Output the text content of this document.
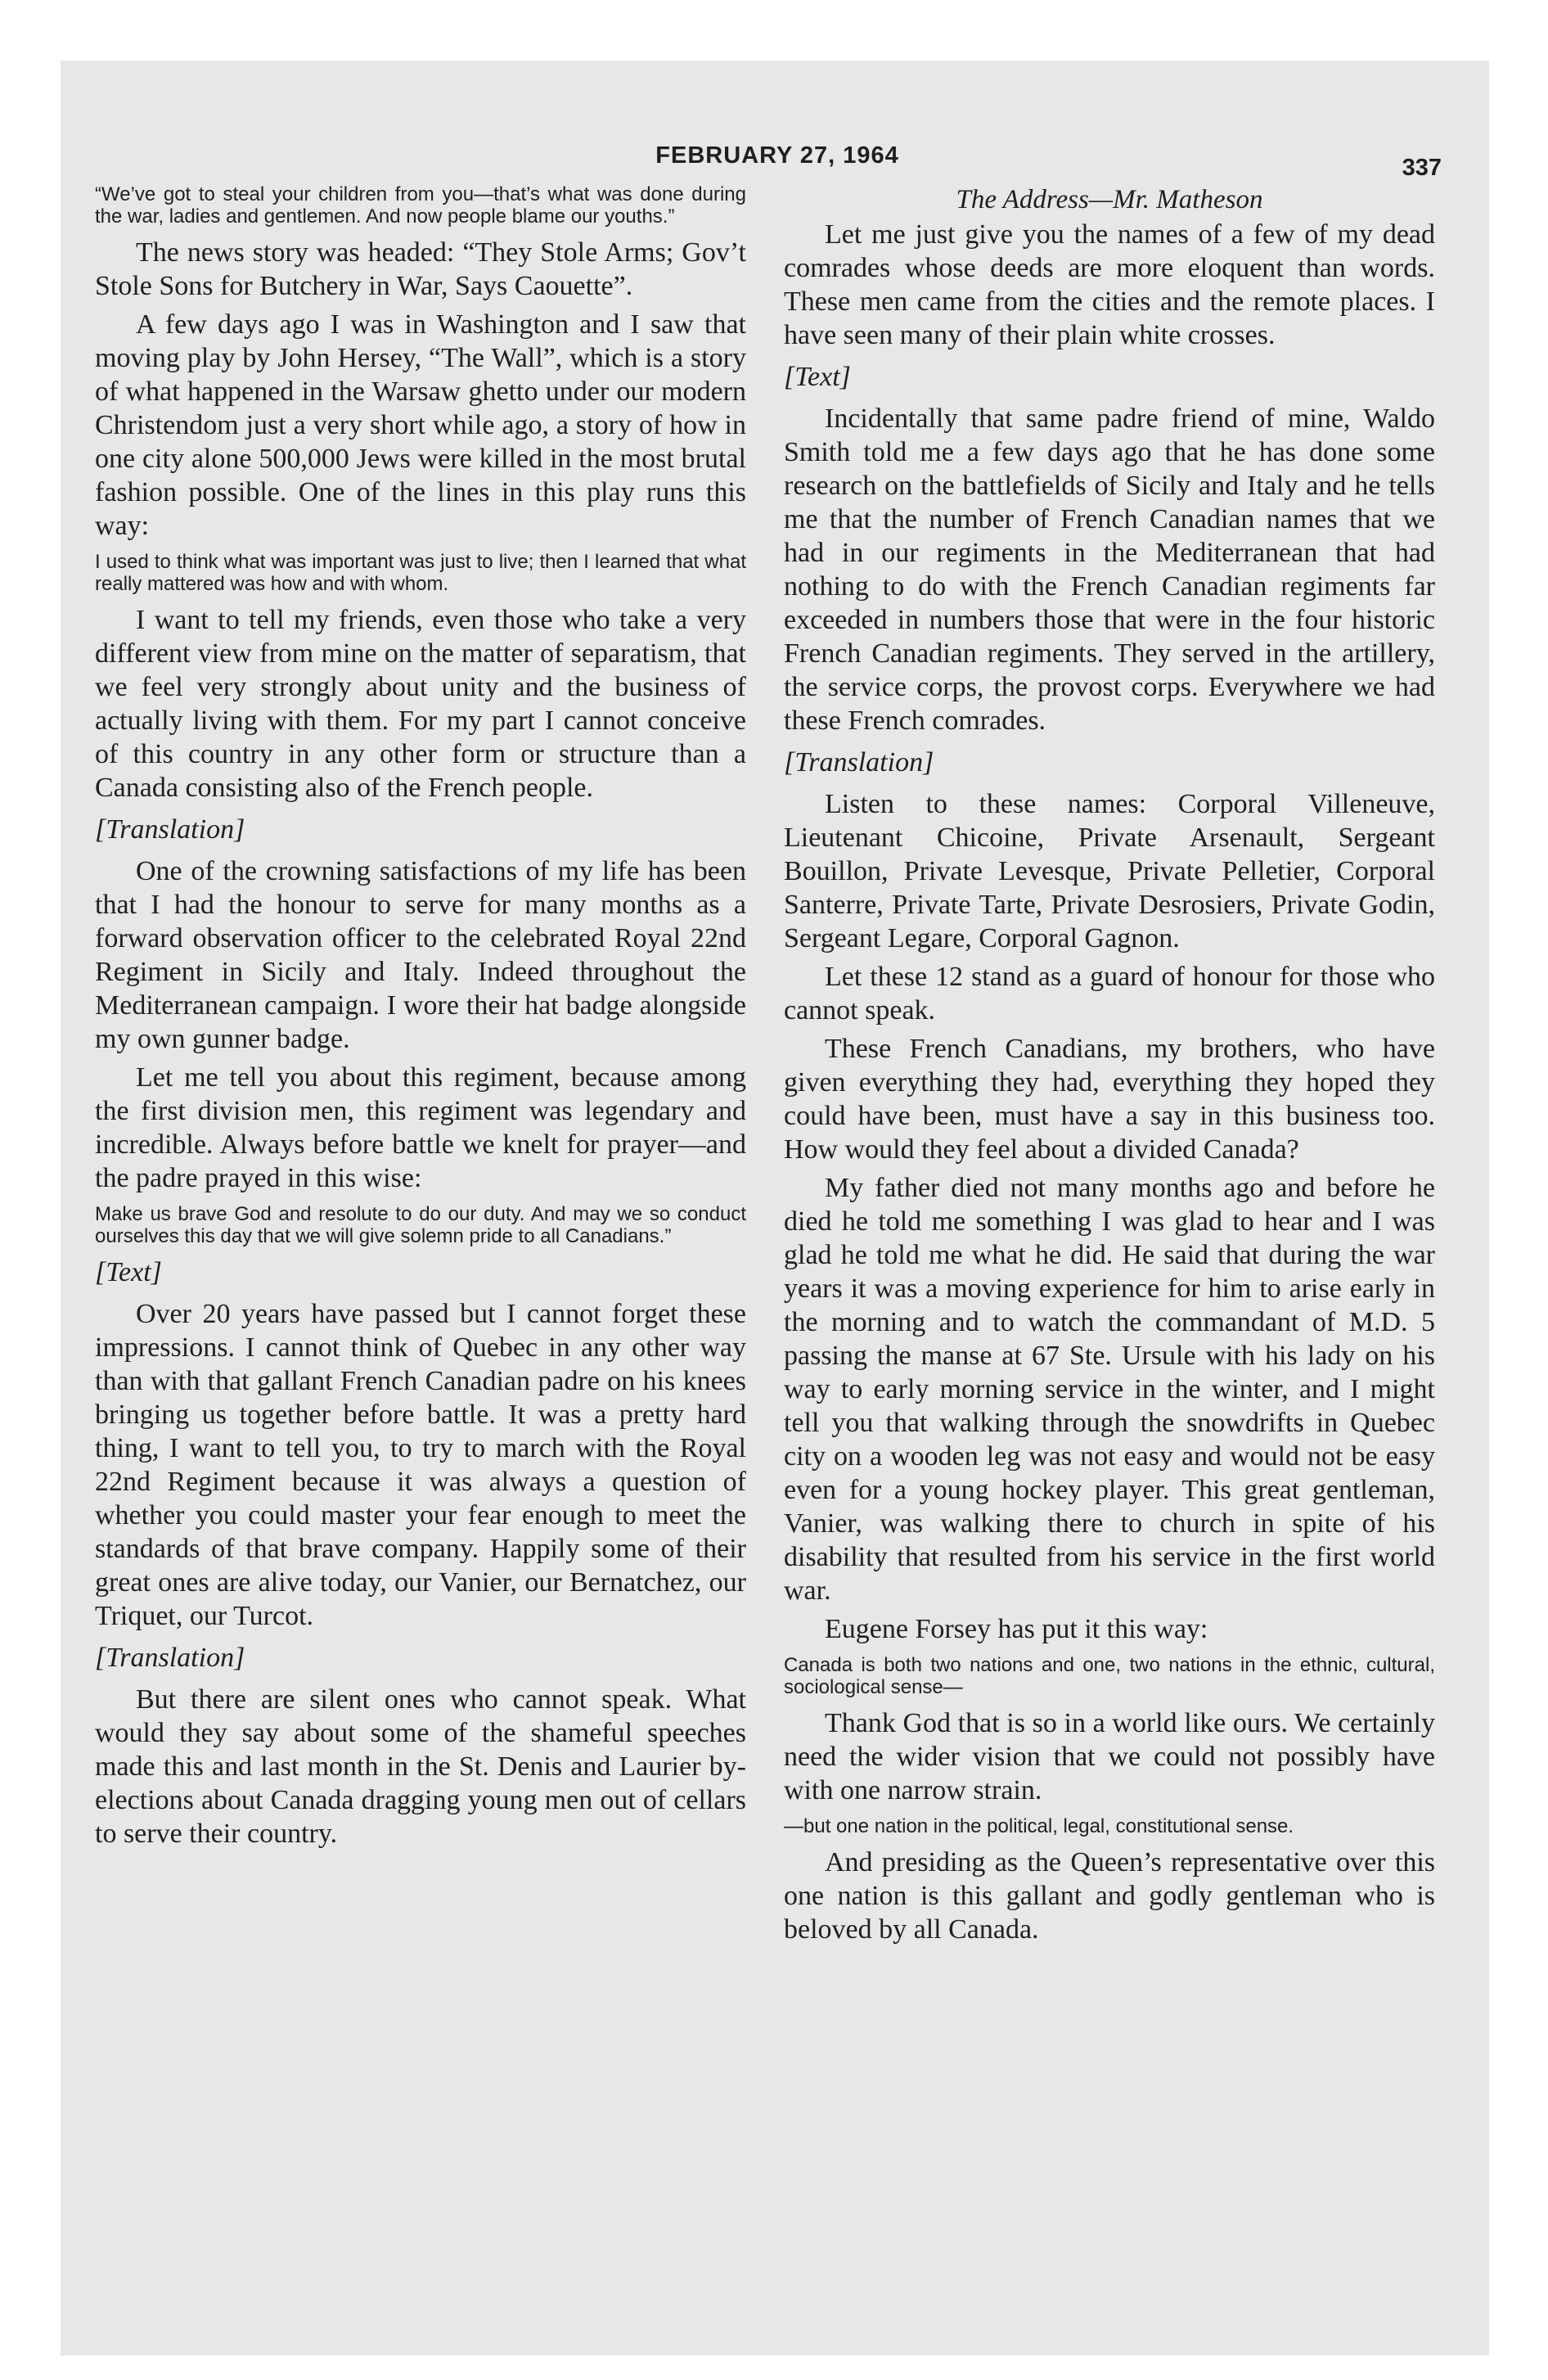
FEBRUARY 27, 1964	337

“We’ve got to steal your children from you—that’s what was done during the war, ladies and gentlemen. And now people blame our youths.”

The news story was headed: “They Stole Arms; Gov’t Stole Sons for Butchery in War, Says Caouette”.

A few days ago I was in Washington and I saw that moving play by John Hersey, “The Wall”, which is a story of what happened in the Warsaw ghetto under our modern Christendom just a very short while ago, a story of how in one city alone 500,000 Jews were killed in the most brutal fashion possible. One of the lines in this play runs this way:

I used to think what was important was just to live; then I learned that what really mattered was how and with whom.

I want to tell my friends, even those who take a very different view from mine on the matter of separatism, that we feel very strongly about unity and the business of actually living with them. For my part I cannot conceive of this country in any other form or structure than a Canada consisting also of the French people.

[Translation]

One of the crowning satisfactions of my life has been that I had the honour to serve for many months as a forward observation officer to the celebrated Royal 22nd Regiment in Sicily and Italy. Indeed throughout the Mediterranean campaign. I wore their hat badge alongside my own gunner badge.

Let me tell you about this regiment, because among the first division men, this regiment was legendary and incredible. Always before battle we knelt for prayer—and the padre prayed in this wise:

Make us brave God and resolute to do our duty. And may we so conduct ourselves this day that we will give solemn pride to all Canadians.”

[Text]

Over 20 years have passed but I cannot forget these impressions. I cannot think of Quebec in any other way than with that gallant French Canadian padre on his knees bringing us together before battle. It was a pretty hard thing, I want to tell you, to try to march with the Royal 22nd Regiment because it was always a question of whether you could master your fear enough to meet the standards of that brave company. Happily some of their great ones are alive today, our Vanier, our Bernatchez, our Triquet, our Turcot.

[Translation]

But there are silent ones who cannot speak. What would they say about some of the shameful speeches made this and last month in the St. Denis and Laurier by-elections about Canada dragging young men out of cellars to serve their country.

The Address—Mr. Matheson

Let me just give you the names of a few of my dead comrades whose deeds are more eloquent than words. These men came from the cities and the remote places. I have seen many of their plain white crosses.

[Text]

Incidentally that same padre friend of mine, Waldo Smith told me a few days ago that he has done some research on the battlefields of Sicily and Italy and he tells me that the number of French Canadian names that we had in our regiments in the Mediterranean that had nothing to do with the French Canadian regiments far exceeded in numbers those that were in the four historic French Canadian regiments. They served in the artillery, the service corps, the provost corps. Everywhere we had these French comrades.

[Translation]

Listen to these names: Corporal Villeneuve, Lieutenant Chicoine, Private Arsenault, Sergeant Bouillon, Private Levesque, Private Pelletier, Corporal Santerre, Private Tarte, Private Desrosiers, Private Godin, Sergeant Legare, Corporal Gagnon.

Let these 12 stand as a guard of honour for those who cannot speak.

These French Canadians, my brothers, who have given everything they had, everything they hoped they could have been, must have a say in this business too. How would they feel about a divided Canada?

My father died not many months ago and before he died he told me something I was glad to hear and I was glad he told me what he did. He said that during the war years it was a moving experience for him to arise early in the morning and to watch the commandant of M.D. 5 passing the manse at 67 Ste. Ursule with his lady on his way to early morning service in the winter, and I might tell you that walking through the snowdrifts in Quebec city on a wooden leg was not easy and would not be easy even for a young hockey player. This great gentleman, Vanier, was walking there to church in spite of his disability that resulted from his service in the first world war.

Eugene Forsey has put it this way:

Canada is both two nations and one, two nations in the ethnic, cultural, sociological sense—

Thank God that is so in a world like ours. We certainly need the wider vision that we could not possibly have with one narrow strain.

—but one nation in the political, legal, constitutional sense.

And presiding as the Queen’s representative over this one nation is this gallant and godly gentleman who is beloved by all Canada.
